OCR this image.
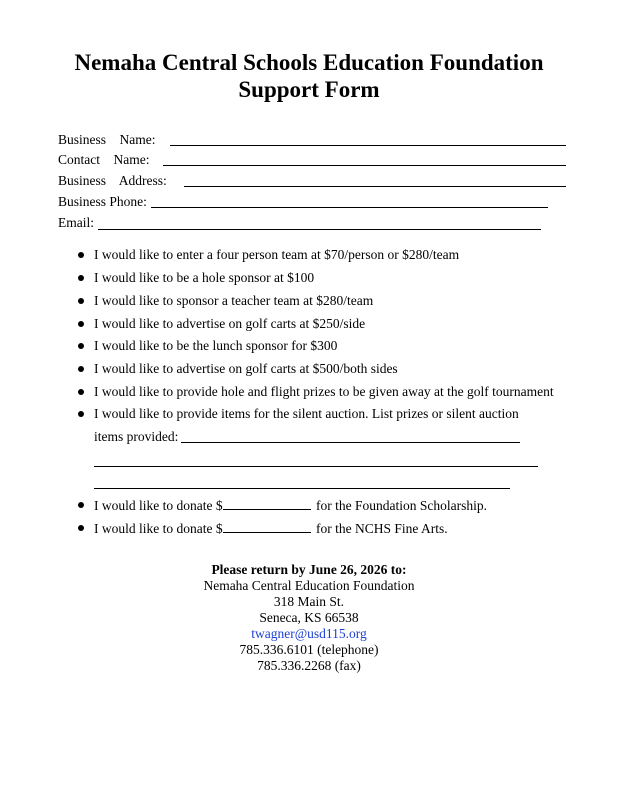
Nemaha Central Schools Education Foundation
Support Form
Business    Name:
Contact    Name:
Business    Address:
Business Phone:
Email:
I would like to enter a four person team at $70/person or $280/team
I would like to be a hole sponsor at $100
I would like to sponsor a teacher team at $280/team
I would like to advertise on golf carts at $250/side
I would like to be the lunch sponsor for $300
I would like to advertise on golf carts at $500/both sides
I would like to provide hole and flight prizes to be given away at the golf tournament
I would like to provide items for the silent auction. List prizes or silent auction
items provided:
I would like to donate $	for the Foundation Scholarship.
I would like to donate $	for the NCHS Fine Arts.
Please return by June 26, 2026 to:
Nemaha Central Education Foundation
318 Main St.
Seneca, KS 66538
twagner@usd115.org
785.336.6101 (telephone)
785.336.2268 (fax)
